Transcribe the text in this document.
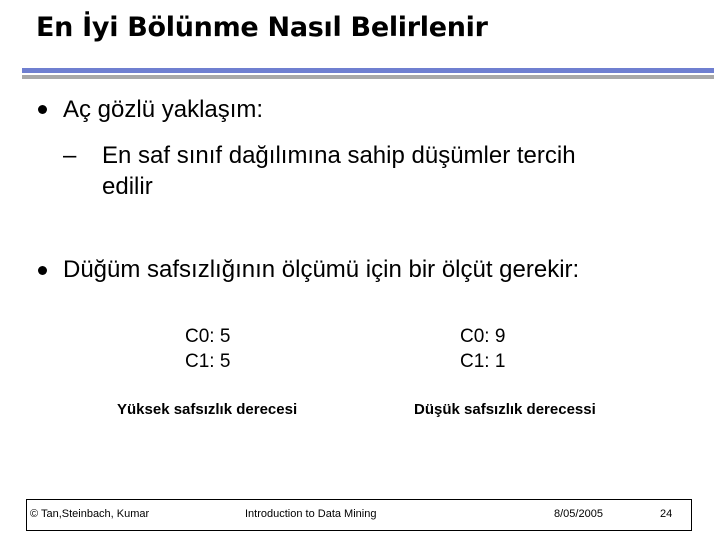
En İyi Bölünme Nasıl Belirlenir
Aç gözlü yaklaşım:
– En saf sınıf dağılımına sahip düşümler tercih
edilir
Düğüm safsızlığının ölçümü için bir ölçüt gerekir:
C0: 5
C1: 5
Yüksek safsızlık derecesi
C0: 9
C1: 1
Düşük safsızlık derecessi
© Tan,Steinbach, Kumar	Introduction to Data Mining	8/05/2005	24
